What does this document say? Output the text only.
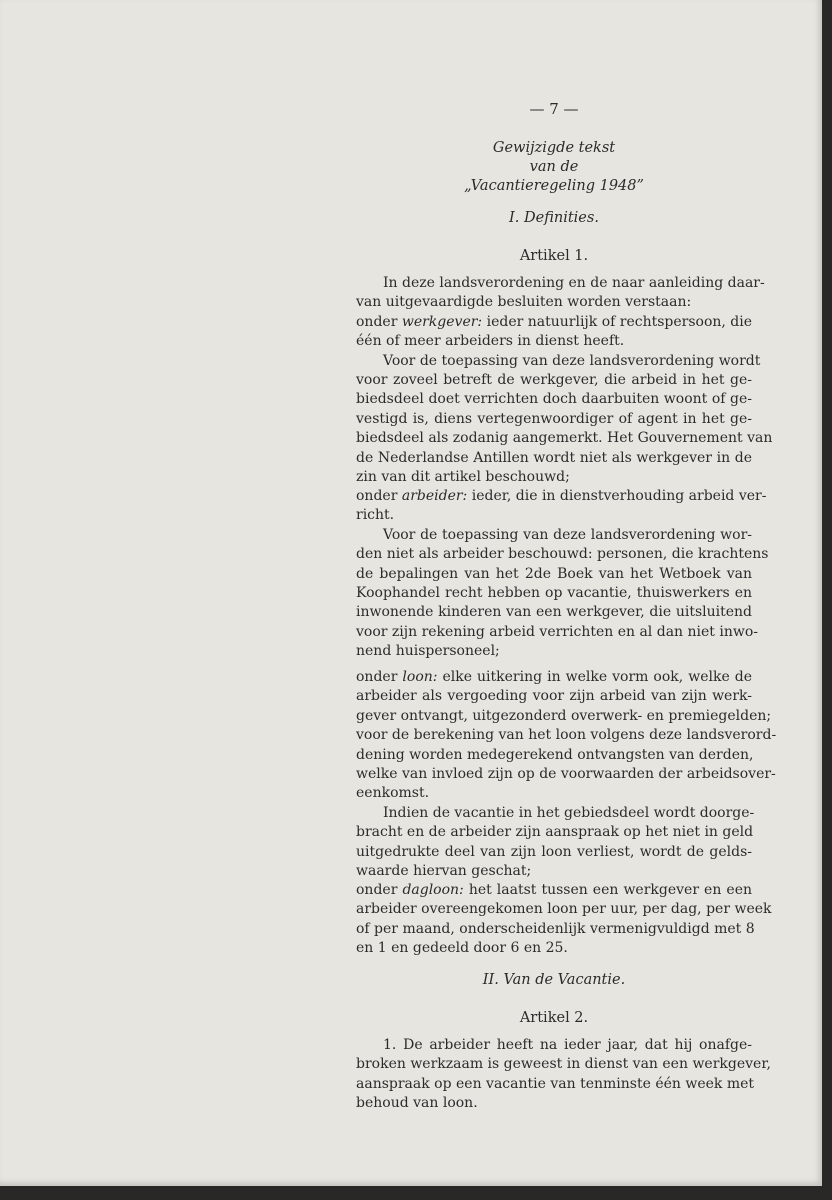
— 7 —
Gewijzigde tekst
van de
„Vacantieregeling 1948”
I. Definities.
Artikel 1.

In deze landsverordening en de naar aanleiding daar-

van uitgevaardigde besluiten worden verstaan:

onder werkgever: ieder natuurlijk of rechtspersoon, die

één of meer arbeiders in dienst heeft.

Voor de toepassing van deze landsverordening wordt

voor zoveel betreft de werkgever, die arbeid in het ge-

biedsdeel doet verrichten doch daarbuiten woont of ge-

vestigd is, diens vertegenwoordiger of agent in het ge-

biedsdeel als zodanig aangemerkt. Het Gouvernement van

de Nederlandse Antillen wordt niet als werkgever in de

zin van dit artikel beschouwd;

onder arbeider: ieder, die in dienstverhouding arbeid ver-

richt.

Voor de toepassing van deze landsverordening wor-

den niet als arbeider beschouwd: personen, die krachtens

de bepalingen van het 2de Boek van het Wetboek van

Koophandel recht hebben op vacantie, thuiswerkers en

inwonende kinderen van een werkgever, die uitsluitend

voor zijn rekening arbeid verrichten en al dan niet inwo-

nend huispersoneel;

onder loon: elke uitkering in welke vorm ook, welke de

arbeider als vergoeding voor zijn arbeid van zijn werk-

gever ontvangt, uitgezonderd overwerk- en premiegelden;

voor de berekening van het loon volgens deze landsverord-

dening worden medegerekend ontvangsten van derden,

welke van invloed zijn op de voorwaarden der arbeidsover-

eenkomst.

Indien de vacantie in het gebiedsdeel wordt doorge-

bracht en de arbeider zijn aanspraak op het niet in geld

uitgedrukte deel van zijn loon verliest, wordt de gelds-

waarde hiervan geschat;

onder dagloon: het laatst tussen een werkgever en een

arbeider overeengekomen loon per uur, per dag, per week

of per maand, onderscheidenlijk vermenigvuldigd met 8

en 1 en gedeeld door 6 en 25.

II. Van de Vacantie.
Artikel 2.

1. De arbeider heeft na ieder jaar, dat hij onafge-

broken werkzaam is geweest in dienst van een werkgever,

aanspraak op een vacantie van tenminste één week met

behoud van loon.
